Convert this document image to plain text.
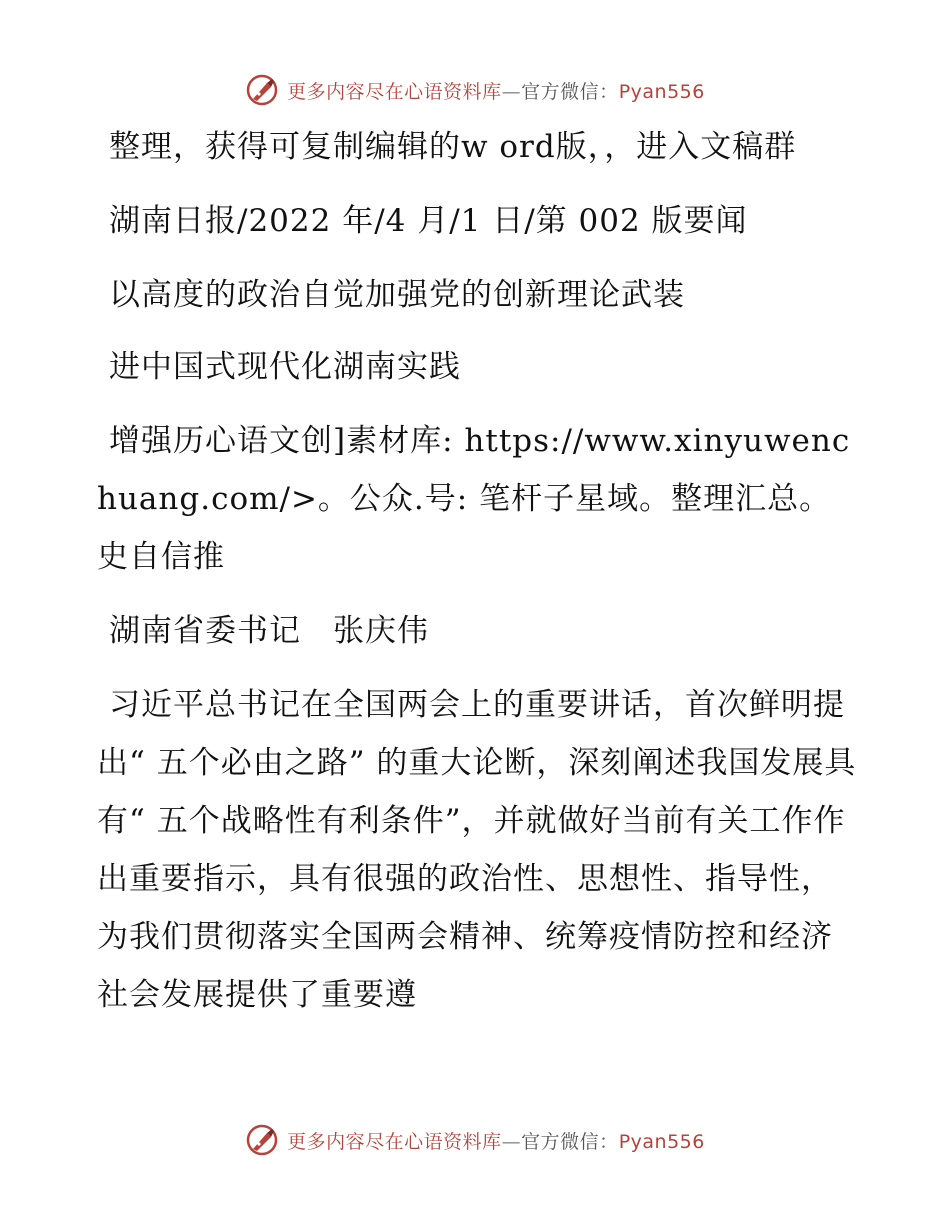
更多内容尽在心语资料库—官方微信：Pyan556

整理，获得可复制编辑的w ord版，，进入文稿群

湖南日报/2022 年/4 月/1 日/第 002 版要闻

以高度的政治自觉加强党的创新理论武装

进中国式现代化湖南实践

增强历心语文创]素材库: https://www.xinyuwenchuang.com/>。公众.号: 笔杆子星域。整理汇总。史自信推

湖南省委书记　张庆伟

习近平总书记在全国两会上的重要讲话，首次鲜明提出“ 五个必由之路” 的重大论断，深刻阐述我国发展具有“ 五个战略性有利条件”，并就做好当前有关工作作出重要指示，具有很强的政治性、思想性、指导性，为我们贯彻落实全国两会精神、统筹疫情防控和经济社会发展提供了重要遵

更多内容尽在心语资料库—官方微信：Pyan556
